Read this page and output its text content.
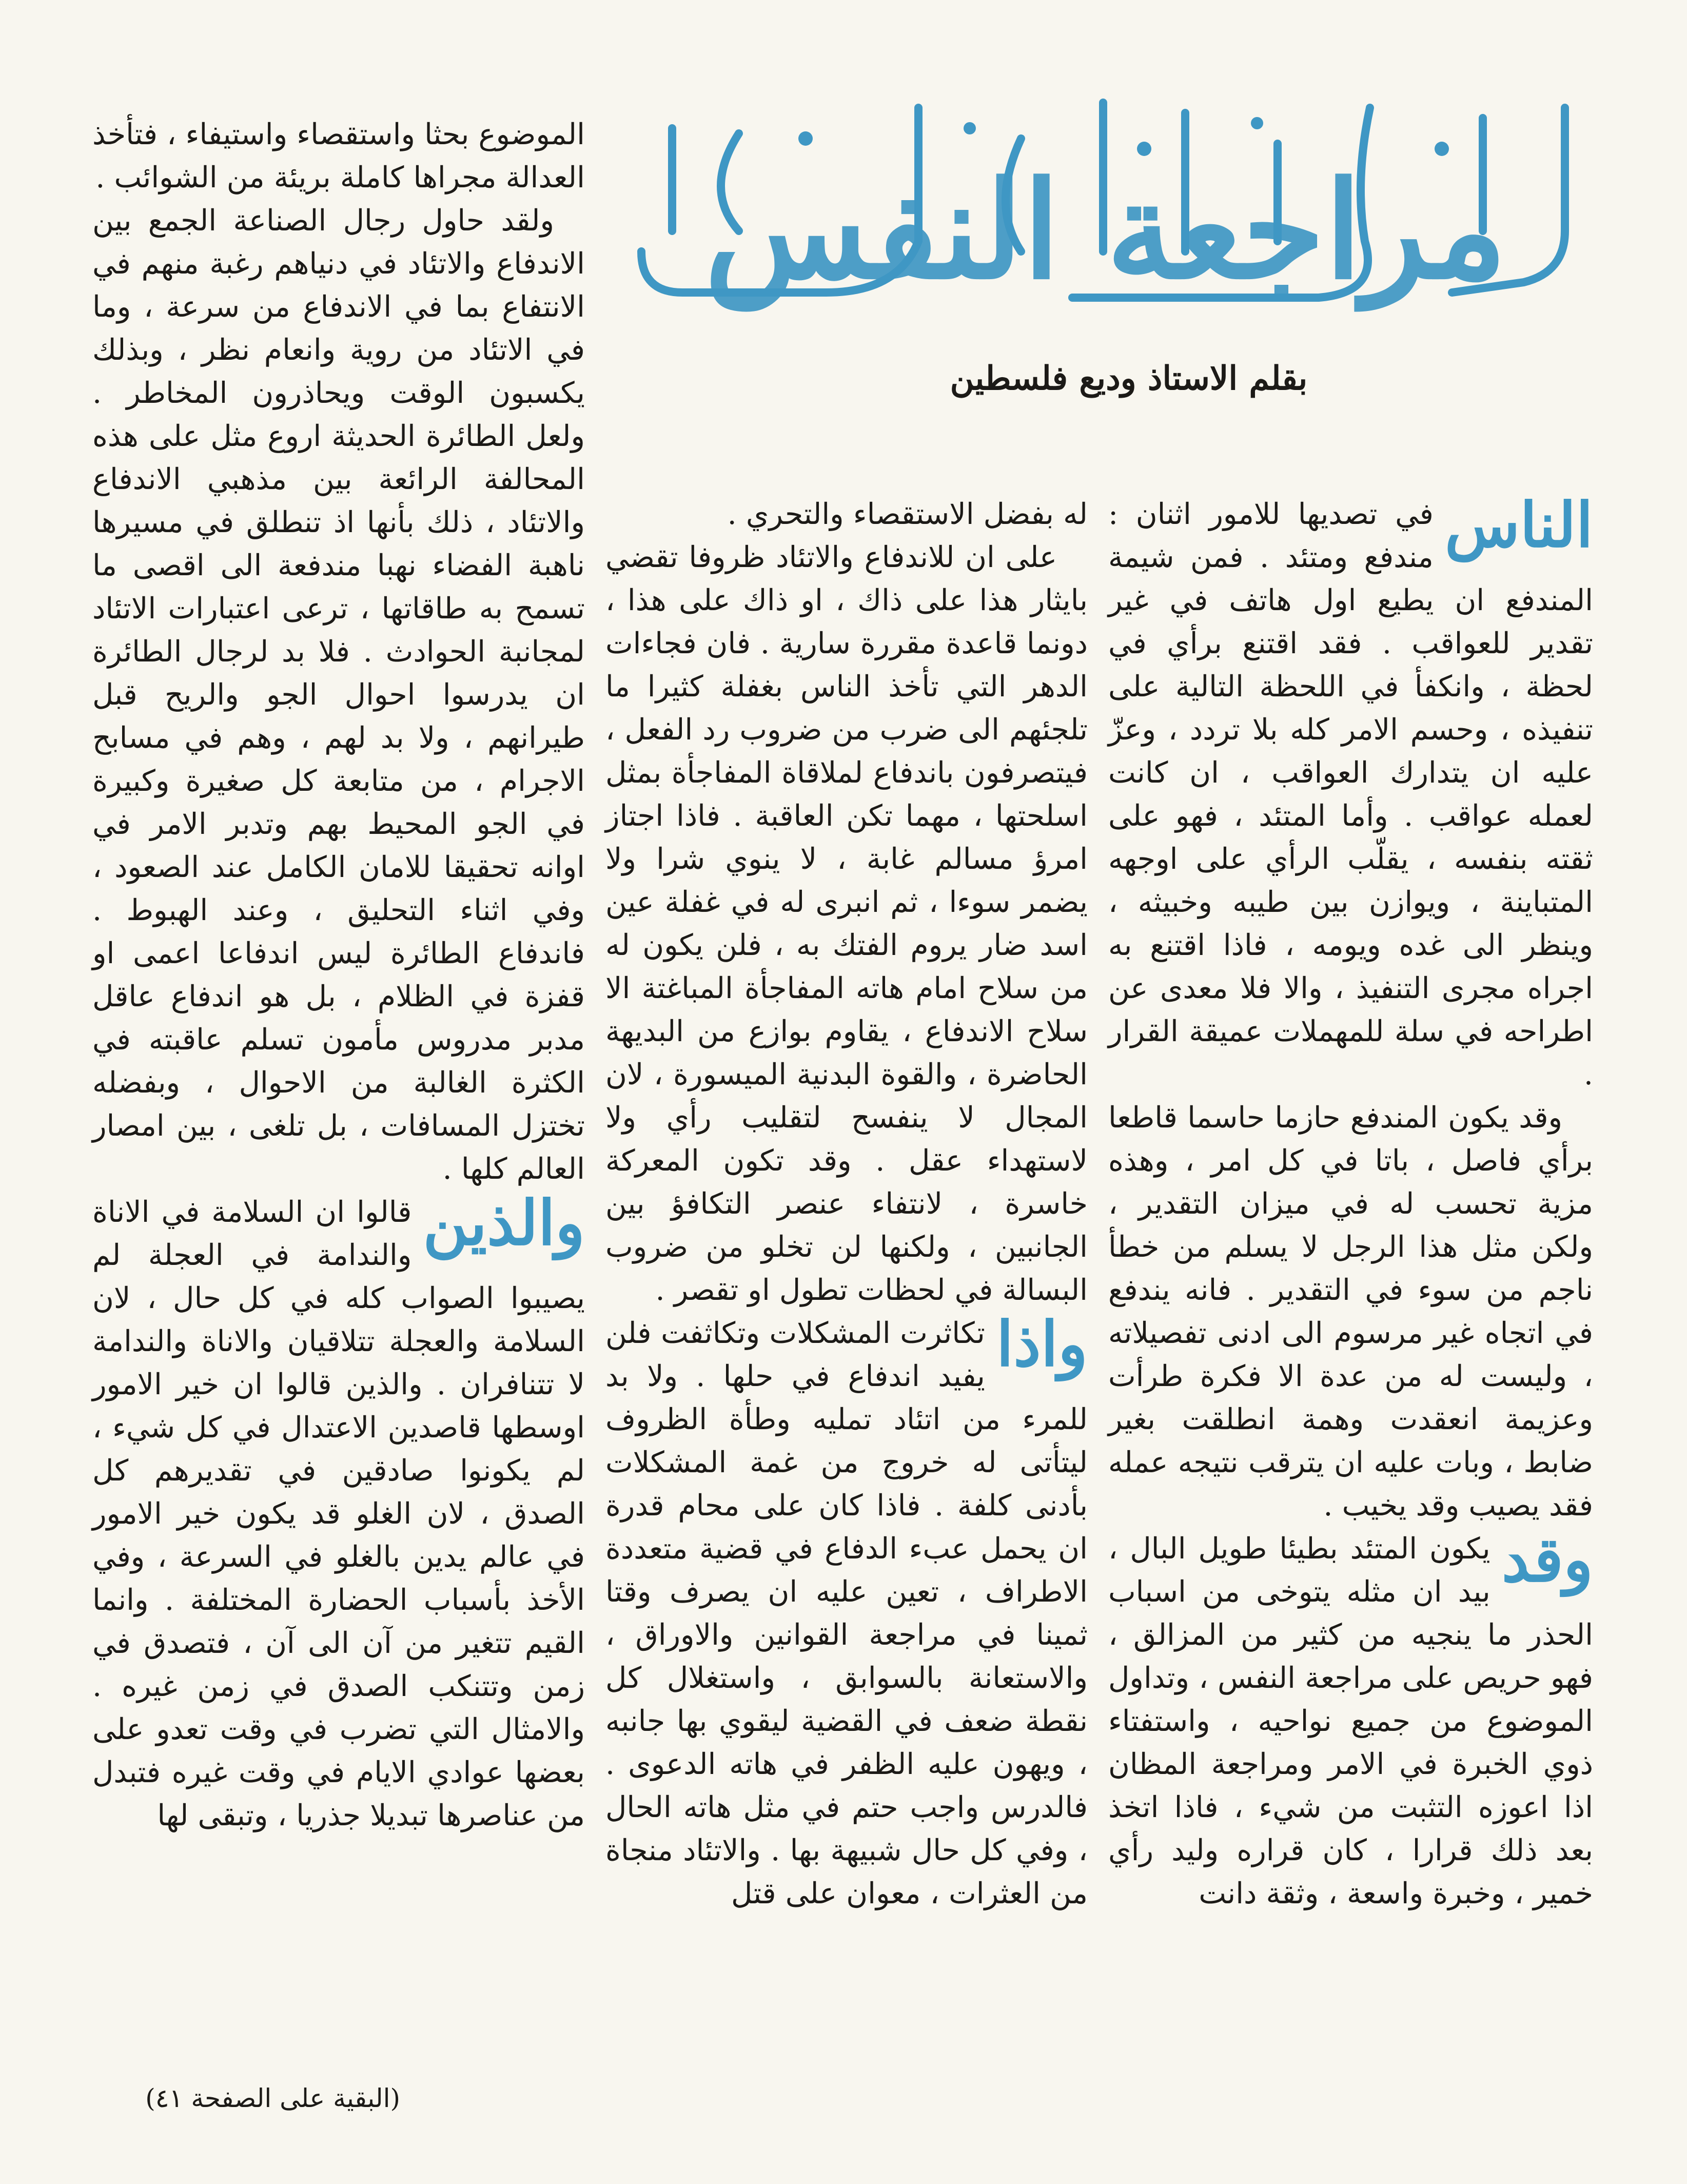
مراجعة النفس
بقلم الاستاذ وديع فلسطين

الناس
في تصديها للامور اثنان : مندفع ومتئد . فمن شيمة المندفع ان يطيع اول هاتف في غير تقدير للعواقب . فقد اقتنع برأي في لحظة ، وانكفأ في اللحظة التالية على تنفيذه ، وحسم الامر كله بلا تردد ، وعزّ عليه ان يتدارك العواقب ، ان كانت لعمله عواقب . وأما المتئد ، فهو على ثقته بنفسه ، يقلّب الرأي على اوجهه المتباينة ، ويوازن بين طيبه وخبيثه ، وينظر الى غده ويومه ، فاذا اقتنع به اجراه مجرى التنفيذ ، والا فلا معدى عن اطراحه في سلة للمهملات عميقة القرار .

وقد يكون المندفع حازما حاسما قاطعا برأي فاصل ، باتا في كل امر ، وهذه مزية تحسب له في ميزان التقدير ، ولكن مثل هذا الرجل لا يسلم من خطأ ناجم من سوء في التقدير . فانه يندفع في اتجاه غير مرسوم الى ادنى تفصيلاته ، وليست له من عدة الا فكرة طرأت وعزيمة انعقدت وهمة انطلقت بغير ضابط ، وبات عليه ان يترقب نتيجه عمله فقد يصيب وقد يخيب .

وقد
يكون المتئد بطيئا طويل البال ، بيد ان مثله يتوخى من اسباب الحذر ما ينجيه من كثير من المزالق ، فهو حريص على مراجعة النفس ، وتداول الموضوع من جميع نواحيه ، واستفتاء ذوي الخبرة في الامر ومراجعة المظان اذا اعوزه التثبت من شيء ، فاذا اتخذ بعد ذلك قرارا ، كان قراره وليد رأي خمير ، وخبرة واسعة ، وثقة دانت

له بفضل الاستقصاء والتحري .

على ان للاندفاع والاتئاد ظروفا تقضي بايثار هذا على ذاك ، او ذاك على هذا ، دونما قاعدة مقررة سارية . فان فجاءات الدهر التي تأخذ الناس بغفلة كثيرا ما تلجئهم الى ضرب من ضروب رد الفعل ، فيتصرفون باندفاع لملاقاة المفاجأة بمثل اسلحتها ، مهما تكن العاقبة . فاذا اجتاز امرؤ مسالم غابة ، لا ينوي شرا ولا يضمر سوءا ، ثم انبرى له في غفلة عين اسد ضار يروم الفتك به ، فلن يكون له من سلاح امام هاته المفاجأة المباغتة الا سلاح الاندفاع ، يقاوم بوازع من البديهة الحاضرة ، والقوة البدنية الميسورة ، لان المجال لا ينفسح لتقليب رأي ولا لاستهداء عقل . وقد تكون المعركة خاسرة ، لانتفاء عنصر التكافؤ بين الجانبين ، ولكنها لن تخلو من ضروب البسالة في لحظات تطول او تقصر .

واذا
تكاثرت المشكلات وتكاثفت فلن يفيد اندفاع في حلها . ولا بد للمرء من اتئاد تمليه وطأة الظروف ليتأتى له خروج من غمة المشكلات بأدنى كلفة . فاذا كان على محام قدرة ان يحمل عبء الدفاع في قضية متعددة الاطراف ، تعين عليه ان يصرف وقتا ثمينا في مراجعة القوانين والاوراق ، والاستعانة بالسوابق ، واستغلال كل نقطة ضعف في القضية ليقوي بها جانبه ، ويهون عليه الظفر في هاته الدعوى . فالدرس واجب حتم في مثل هاته الحال ، وفي كل حال شبيهة بها . والاتئاد منجاة من العثرات ، معوان على قتل

الموضوع بحثا واستقصاء واستيفاء ، فتأخذ العدالة مجراها كاملة بريئة من الشوائب .

ولقد حاول رجال الصناعة الجمع بين الاندفاع والاتئاد في دنياهم رغبة منهم في الانتفاع بما في الاندفاع من سرعة ، وما في الاتئاد من روية وانعام نظر ، وبذلك يكسبون الوقت ويحاذرون المخاطر . ولعل الطائرة الحديثة اروع مثل على هذه المحالفة الرائعة بين مذهبي الاندفاع والاتئاد ، ذلك بأنها اذ تنطلق في مسيرها ناهبة الفضاء نهبا مندفعة الى اقصى ما تسمح به طاقاتها ، ترعى اعتبارات الاتئاد لمجانبة الحوادث . فلا بد لرجال الطائرة ان يدرسوا احوال الجو والريح قبل طيرانهم ، ولا بد لهم ، وهم في مسابح الاجرام ، من متابعة كل صغيرة وكبيرة في الجو المحيط بهم وتدبر الامر في اوانه تحقيقا للامان الكامل عند الصعود ، وفي اثناء التحليق ، وعند الهبوط . فاندفاع الطائرة ليس اندفاعا اعمى او قفزة في الظلام ، بل هو اندفاع عاقل مدبر مدروس مأمون تسلم عاقبته في الكثرة الغالبة من الاحوال ، وبفضله تختزل المسافات ، بل تلغى ، بين امصار العالم كلها .

والذين
قالوا ان السلامة في الاناة والندامة في العجلة لم يصيبوا الصواب كله في كل حال ، لان السلامة والعجلة تتلاقيان والاناة والندامة لا تتنافران . والذين قالوا ان خير الامور اوسطها قاصدين الاعتدال في كل شيء ، لم يكونوا صادقين في تقديرهم كل الصدق ، لان الغلو قد يكون خير الامور في عالم يدين بالغلو في السرعة ، وفي الأخذ بأسباب الحضارة المختلفة . وانما القيم تتغير من آن الى آن ، فتصدق في زمن وتتنكب الصدق في زمن غيره . والامثال التي تضرب في وقت تعدو على بعضها عوادي الايام في وقت غيره فتبدل من عناصرها تبديلا جذريا ، وتبقى لها

(البقية على الصفحة ٤١)
